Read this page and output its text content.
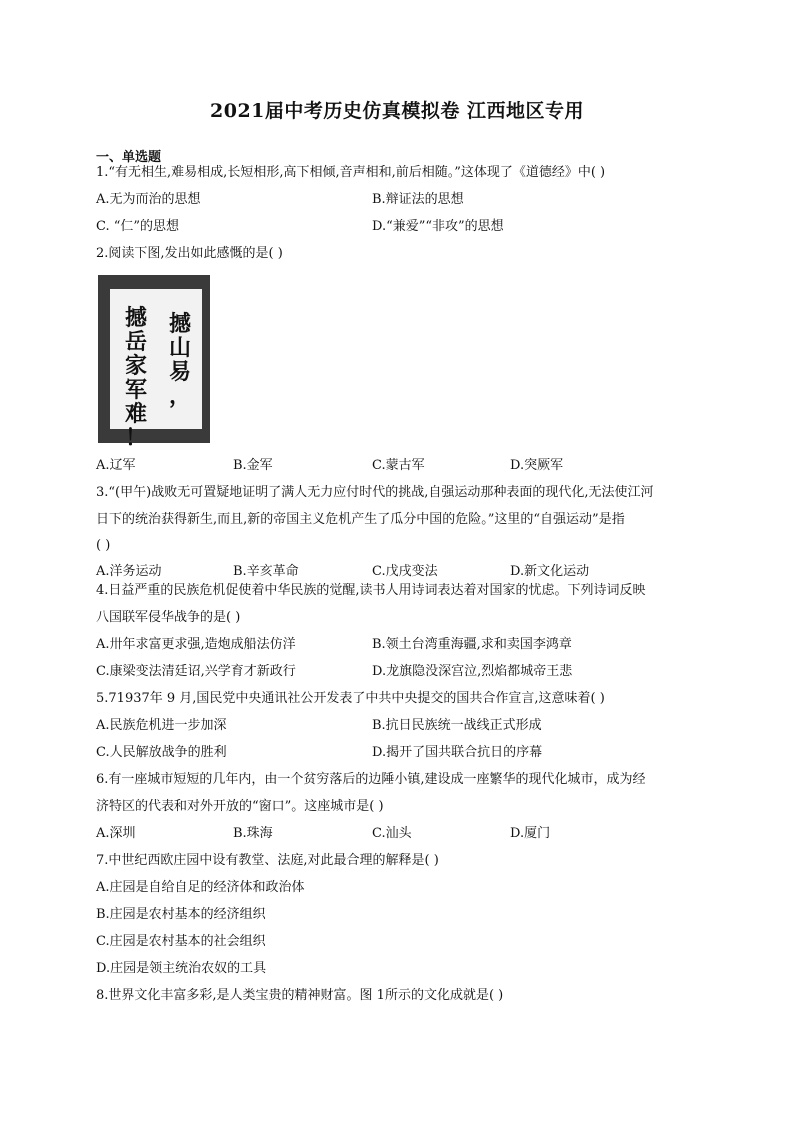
2021届中考历史仿真模拟卷 江西地区专用
一、单选题
1.“有无相生,难易相成,长短相形,高下相倾,音声相和,前后相随。”这体现了《道德经》中( )
A.无为而治的思想	B.辩证法的思想
C. “仁”的思想	D.“兼爱”“非攻”的思想
2.阅读下图,发出如此感慨的是( )
撼
山
易
，
撼
岳
家
军
难
！
A.辽军	B.金军	C.蒙古军	D.突厥军
3.“(甲午)战败无可置疑地证明了满人无力应付时代的挑战,自强运动那种表面的现代化,无法使江河
日下的统治获得新生,而且,新的帝国主义危机产生了瓜分中国的危险。”这里的“自强运动”是指
( )
A.洋务运动	B.辛亥革命	C.戊戌变法	D.新文化运动
4.日益严重的民族危机促使着中华民族的觉醒,读书人用诗词表达着对国家的忧虑。下列诗词反映
八国联军侵华战争的是( )
A.卅年求富更求强,造炮成船法仿洋	B.领土台湾重海疆,求和卖国李鸿章
C.康梁变法清廷诏,兴学育才新政行	D.龙旗隐没深宫泣,烈焰都城帝王悲
5.71937年 9 月,国民党中央通讯社公开发表了中共中央提交的国共合作宣言,这意味着( )
A.民族危机进一步加深	B.抗日民族统一战线正式形成
C.人民解放战争的胜利	D.揭开了国共联合抗日的序幕
6.有一座城市短短的几年内，由一个贫穷落后的边陲小镇,建设成一座繁华的现代化城市，成为经
济特区的代表和对外开放的“窗口”。这座城市是( )
A.深圳	B.珠海	C.汕头	D.厦门
7.中世纪西欧庄园中设有教堂、法庭,对此最合理的解释是( )
A.庄园是自给自足的经济体和政治体
B.庄园是农村基本的经济组织
C.庄园是农村基本的社会组织
D.庄园是领主统治农奴的工具
8.世界文化丰富多彩,是人类宝贵的精神财富。图 1所示的文化成就是( )
